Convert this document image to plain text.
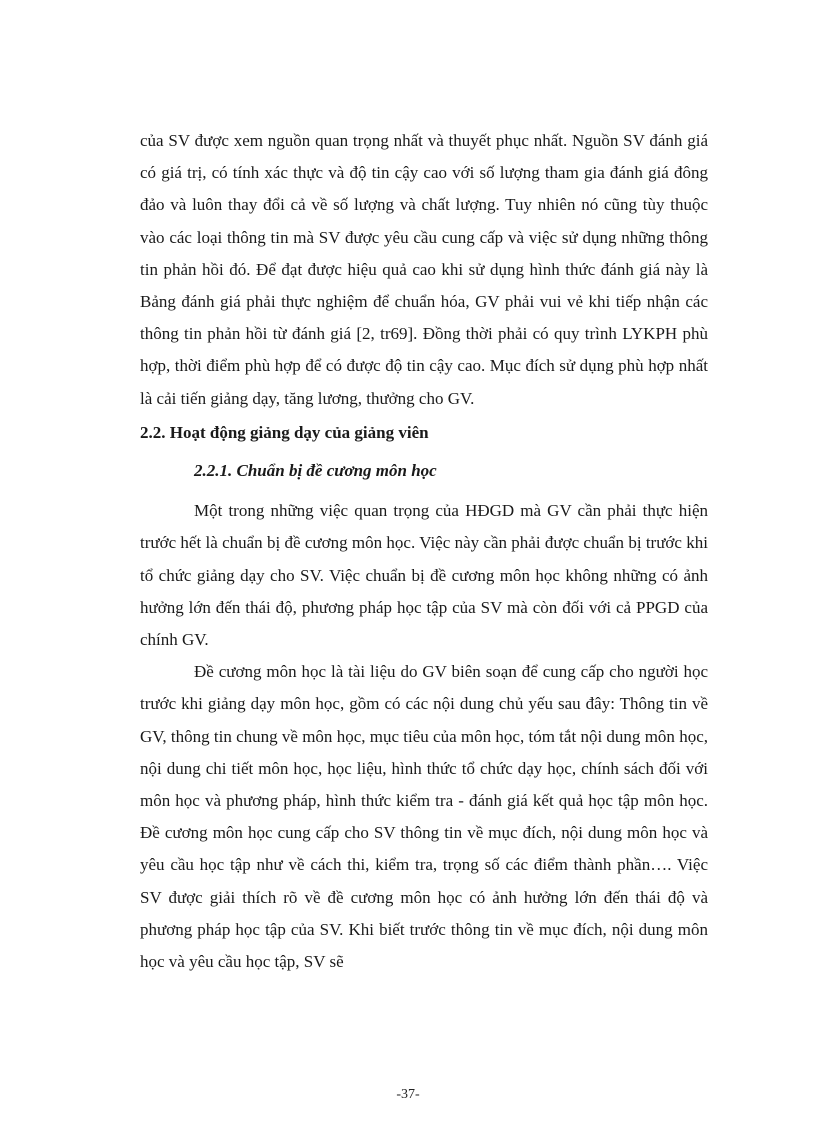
của SV được xem nguồn quan trọng nhất và thuyết phục nhất. Nguồn SV đánh giá có giá trị, có tính xác thực và độ tin cậy cao với số lượng tham gia đánh giá đông đảo và luôn thay đổi cả về số lượng và chất lượng. Tuy nhiên nó cũng tùy thuộc vào các loại thông tin mà SV được yêu cầu cung cấp và việc sử dụng những thông tin phản hồi đó. Để đạt được hiệu quả cao khi sử dụng hình thức đánh giá này là Bảng đánh giá phải thực nghiệm để chuẩn hóa, GV phải vui vẻ khi tiếp nhận các thông tin phản hồi từ đánh giá [2, tr69]. Đồng thời phải có quy trình LYKPH phù hợp, thời điểm phù hợp để có được độ tin cậy cao. Mục đích sử dụng phù hợp nhất là cải tiến giảng dạy, tăng lương, thưởng cho GV.

2.2. Hoạt động giảng dạy của giảng viên

2.2.1. Chuẩn bị đề cương môn học

Một trong những việc quan trọng của HĐGD mà GV cần phải thực hiện trước hết là chuẩn bị đề cương môn học. Việc này cần phải được chuẩn bị trước khi tổ chức giảng dạy cho SV. Việc chuẩn bị đề cương môn học không những có ảnh hưởng lớn đến thái độ, phương pháp học tập của SV mà còn đối với cả PPGD của chính GV.

Đề cương môn học là tài liệu do GV biên soạn để cung cấp cho người học trước khi giảng dạy môn học, gồm có các nội dung chủ yếu sau đây: Thông tin về GV, thông tin chung về môn học, mục tiêu của môn học, tóm tắt nội dung môn học, nội dung chi tiết môn học, học liệu, hình thức tổ chức dạy học, chính sách đối với môn học và phương pháp, hình thức kiểm tra - đánh giá kết quả học tập môn học. Đề cương môn học cung cấp cho SV thông tin về mục đích, nội dung môn học và yêu cầu học tập như về cách thi, kiểm tra, trọng số các điểm thành phần…. Việc SV được giải thích rõ về đề cương môn học có ảnh hưởng lớn đến thái độ và phương pháp học tập của SV. Khi biết trước thông tin về mục đích, nội dung môn học và yêu cầu học tập, SV sẽ

-37-
